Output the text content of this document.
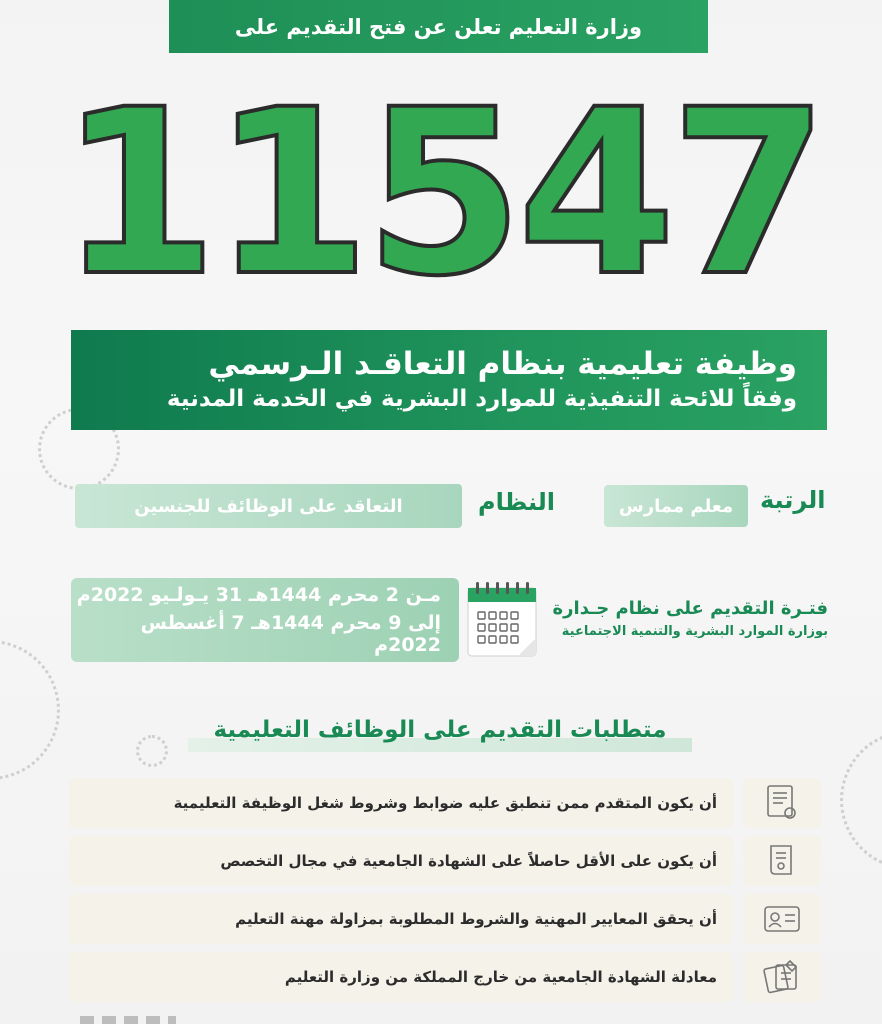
وزارة التعليم تعلن عن فتح التقديم على
11547
وظيفة تعليمية بنظام التعاقـد الـرسمي
وفقاً للائحة التنفيذية للموارد البشرية في الخدمة المدنية
الرتبة
معلم ممارس
النظام
التعاقد على الوظائف للجنسين
مـن 2 محرم 1444هـ 31 يـولـيو 2022م
إلى 9 محرم 1444هـ 7 أغسطس 2022م
فتـرة التقديم على نظام جـدارة
بوزارة الموارد البشرية والتنمية الاجتماعية
متطلبات التقديم على الوظائف التعليمية
أن يكون المتقدم ممن تنطبق عليه ضوابط وشروط شغل الوظيفة التعليمية
أن يكون على الأقل حاصلاً على الشهادة الجامعية في مجال التخصص
أن يحقق المعايير المهنية والشروط المطلوبة بمزاولة مهنة التعليم
معادلة الشهادة الجامعية من خارج المملكة من وزارة التعليم
